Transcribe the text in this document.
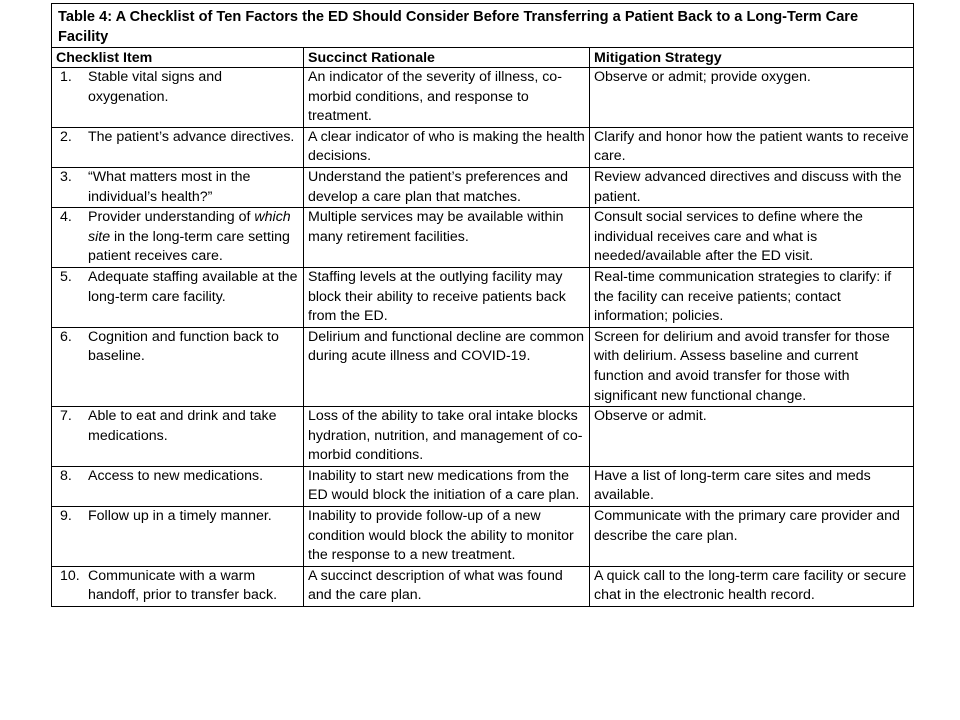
Table 4: A Checklist of Ten Factors the ED Should Consider Before Transferring a Patient Back to a Long-Term Care Facility		
Checklist Item	Succinct Rationale	Mitigation Strategy

1. Stable vital signs and oxygenation.	An indicator of the severity of illness, co-morbid conditions, and response to treatment.	Observe or admit; provide oxygen.

2. The patient’s advance directives.	A clear indicator of who is making the health decisions.	Clarify and honor how the patient wants to receive care.

3. “What matters most in the individual’s health?”	Understand the patient’s preferences and develop a care plan that matches.	Review advanced directives and discuss with the patient.

4. Provider understanding of which site in the long-term care setting patient receives care.	Multiple services may be available within many retirement facilities.	Consult social services to define where the individual receives care and what is needed/available after the ED visit.

5. Adequate staffing available at the long-term care facility.	Staffing levels at the outlying facility may block their ability to receive patients back from the ED.	Real-time communication strategies to clarify: if the facility can receive patients; contact information; policies.

6. Cognition and function back to baseline.	Delirium and functional decline are common during acute illness and COVID-19.	Screen for delirium and avoid transfer for those with delirium. Assess baseline and current function and avoid transfer for those with significant new functional change.

7. Able to eat and drink and take medications.	Loss of the ability to take oral intake blocks hydration, nutrition, and management of co-morbid conditions.	Observe or admit.

8. Access to new medications.	Inability to start new medications from the ED would block the initiation of a care plan.	Have a list of long-term care sites and meds available.

9. Follow up in a timely manner.	Inability to provide follow-up of a new condition would block the ability to monitor the response to a new treatment.	Communicate with the primary care provider and describe the care plan.

10. Communicate with a warm handoff, prior to transfer back.	A succinct description of what was found and the care plan.	A quick call to the long-term care facility or secure chat in the electronic health record.
